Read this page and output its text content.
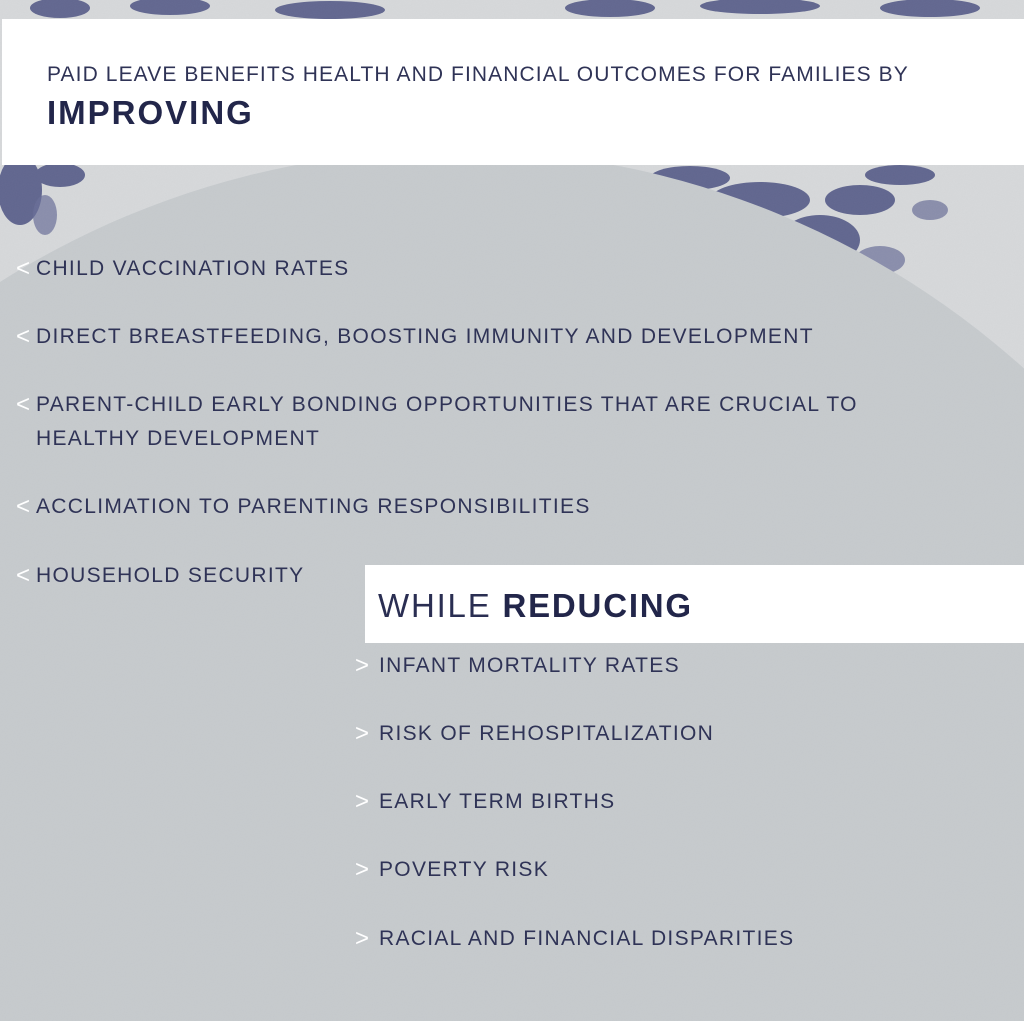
PAID LEAVE BENEFITS HEALTH AND FINANCIAL OUTCOMES FOR FAMILIES BY
IMPROVING
< CHILD VACCINATION RATES
< DIRECT BREASTFEEDING, BOOSTING IMMUNITY AND DEVELOPMENT
< PARENT-CHILD EARLY BONDING OPPORTUNITIES THAT ARE CRUCIAL TO
HEALTHY DEVELOPMENT
< ACCLIMATION TO PARENTING RESPONSIBILITIES
< HOUSEHOLD SECURITY
WHILE REDUCING
> INFANT MORTALITY RATES
> RISK OF REHOSPITALIZATION
> EARLY TERM BIRTHS
> POVERTY RISK
> RACIAL AND FINANCIAL DISPARITIES
